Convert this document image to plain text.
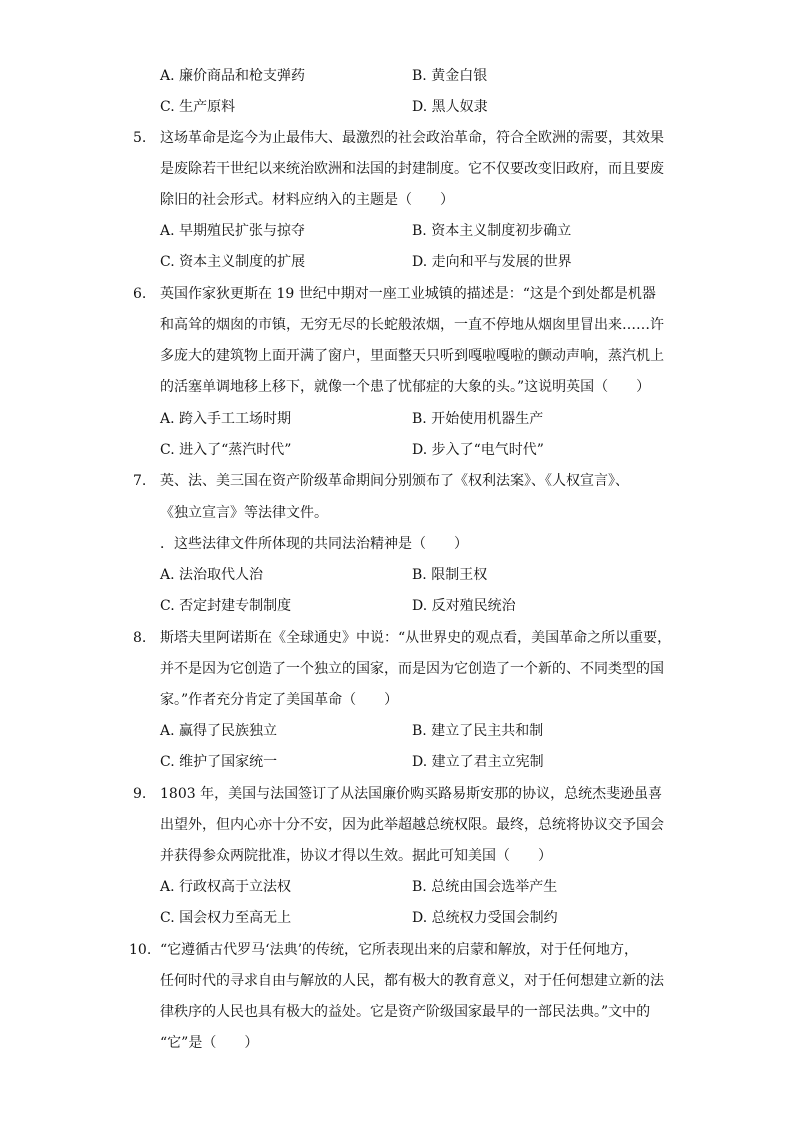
A. 廉价商品和枪支弹药	B. 黄金白银
C. 生产原料	D. 黑人奴隶
5. 这场革命是迄今为止最伟大、最激烈的社会政治革命，符合全欧洲的需要，其效果
是废除若干世纪以来统治欧洲和法国的封建制度。它不仅要改变旧政府，而且要废
除旧的社会形式。材料应纳入的主题是（　　）
A. 早期殖民扩张与掠夺	B. 资本主义制度初步确立
C. 资本主义制度的扩展	D. 走向和平与发展的世界
6. 英国作家狄更斯在 19 世纪中期对一座工业城镇的描述是：“这是个到处都是机器
和高耸的烟囱的市镇，无穷无尽的长蛇般浓烟，一直不停地从烟囱里冒出来……许
多庞大的建筑物上面开满了窗户，里面整天只听到嘎啦嘎啦的颤动声响，蒸汽机上
的活塞单调地移上移下，就像一个患了忧郁症的大象的头。”这说明英国（　　）
A. 跨入手工工场时期	B. 开始使用机器生产
C. 进入了“蒸汽时代”	D. 步入了“电气时代”
7. 英、法、美三国在资产阶级革命期间分别颁布了《权利法案》、《人权宣言》、
《独立宣言》等法律文件。
．这些法律文件所体现的共同法治精神是（　　）
A. 法治取代人治	B. 限制王权
C. 否定封建专制制度	D. 反对殖民统治
8. 斯塔夫里阿诺斯在《全球通史》中说：“从世界史的观点看，美国革命之所以重要，
并不是因为它创造了一个独立的国家，而是因为它创造了一个新的、不同类型的国
家。”作者充分肯定了美国革命（　　）
A. 赢得了民族独立	B. 建立了民主共和制
C. 维护了国家统一	D. 建立了君主立宪制
9. 1803 年，美国与法国签订了从法国廉价购买路易斯安那的协议，总统杰斐逊虽喜
出望外，但内心亦十分不安，因为此举超越总统权限。最终，总统将协议交予国会
并获得参众两院批准，协议才得以生效。据此可知美国（　　）
A. 行政权高于立法权	B. 总统由国会选举产生
C. 国会权力至高无上	D. 总统权力受国会制约
10. “它遵循古代罗马‘法典’的传统，它所表现出来的启蒙和解放，对于任何地方，
任何时代的寻求自由与解放的人民，都有极大的教育意义，对于任何想建立新的法
律秩序的人民也具有极大的益处。它是资产阶级国家最早的一部民法典。”文中的
“它”是（　　）
